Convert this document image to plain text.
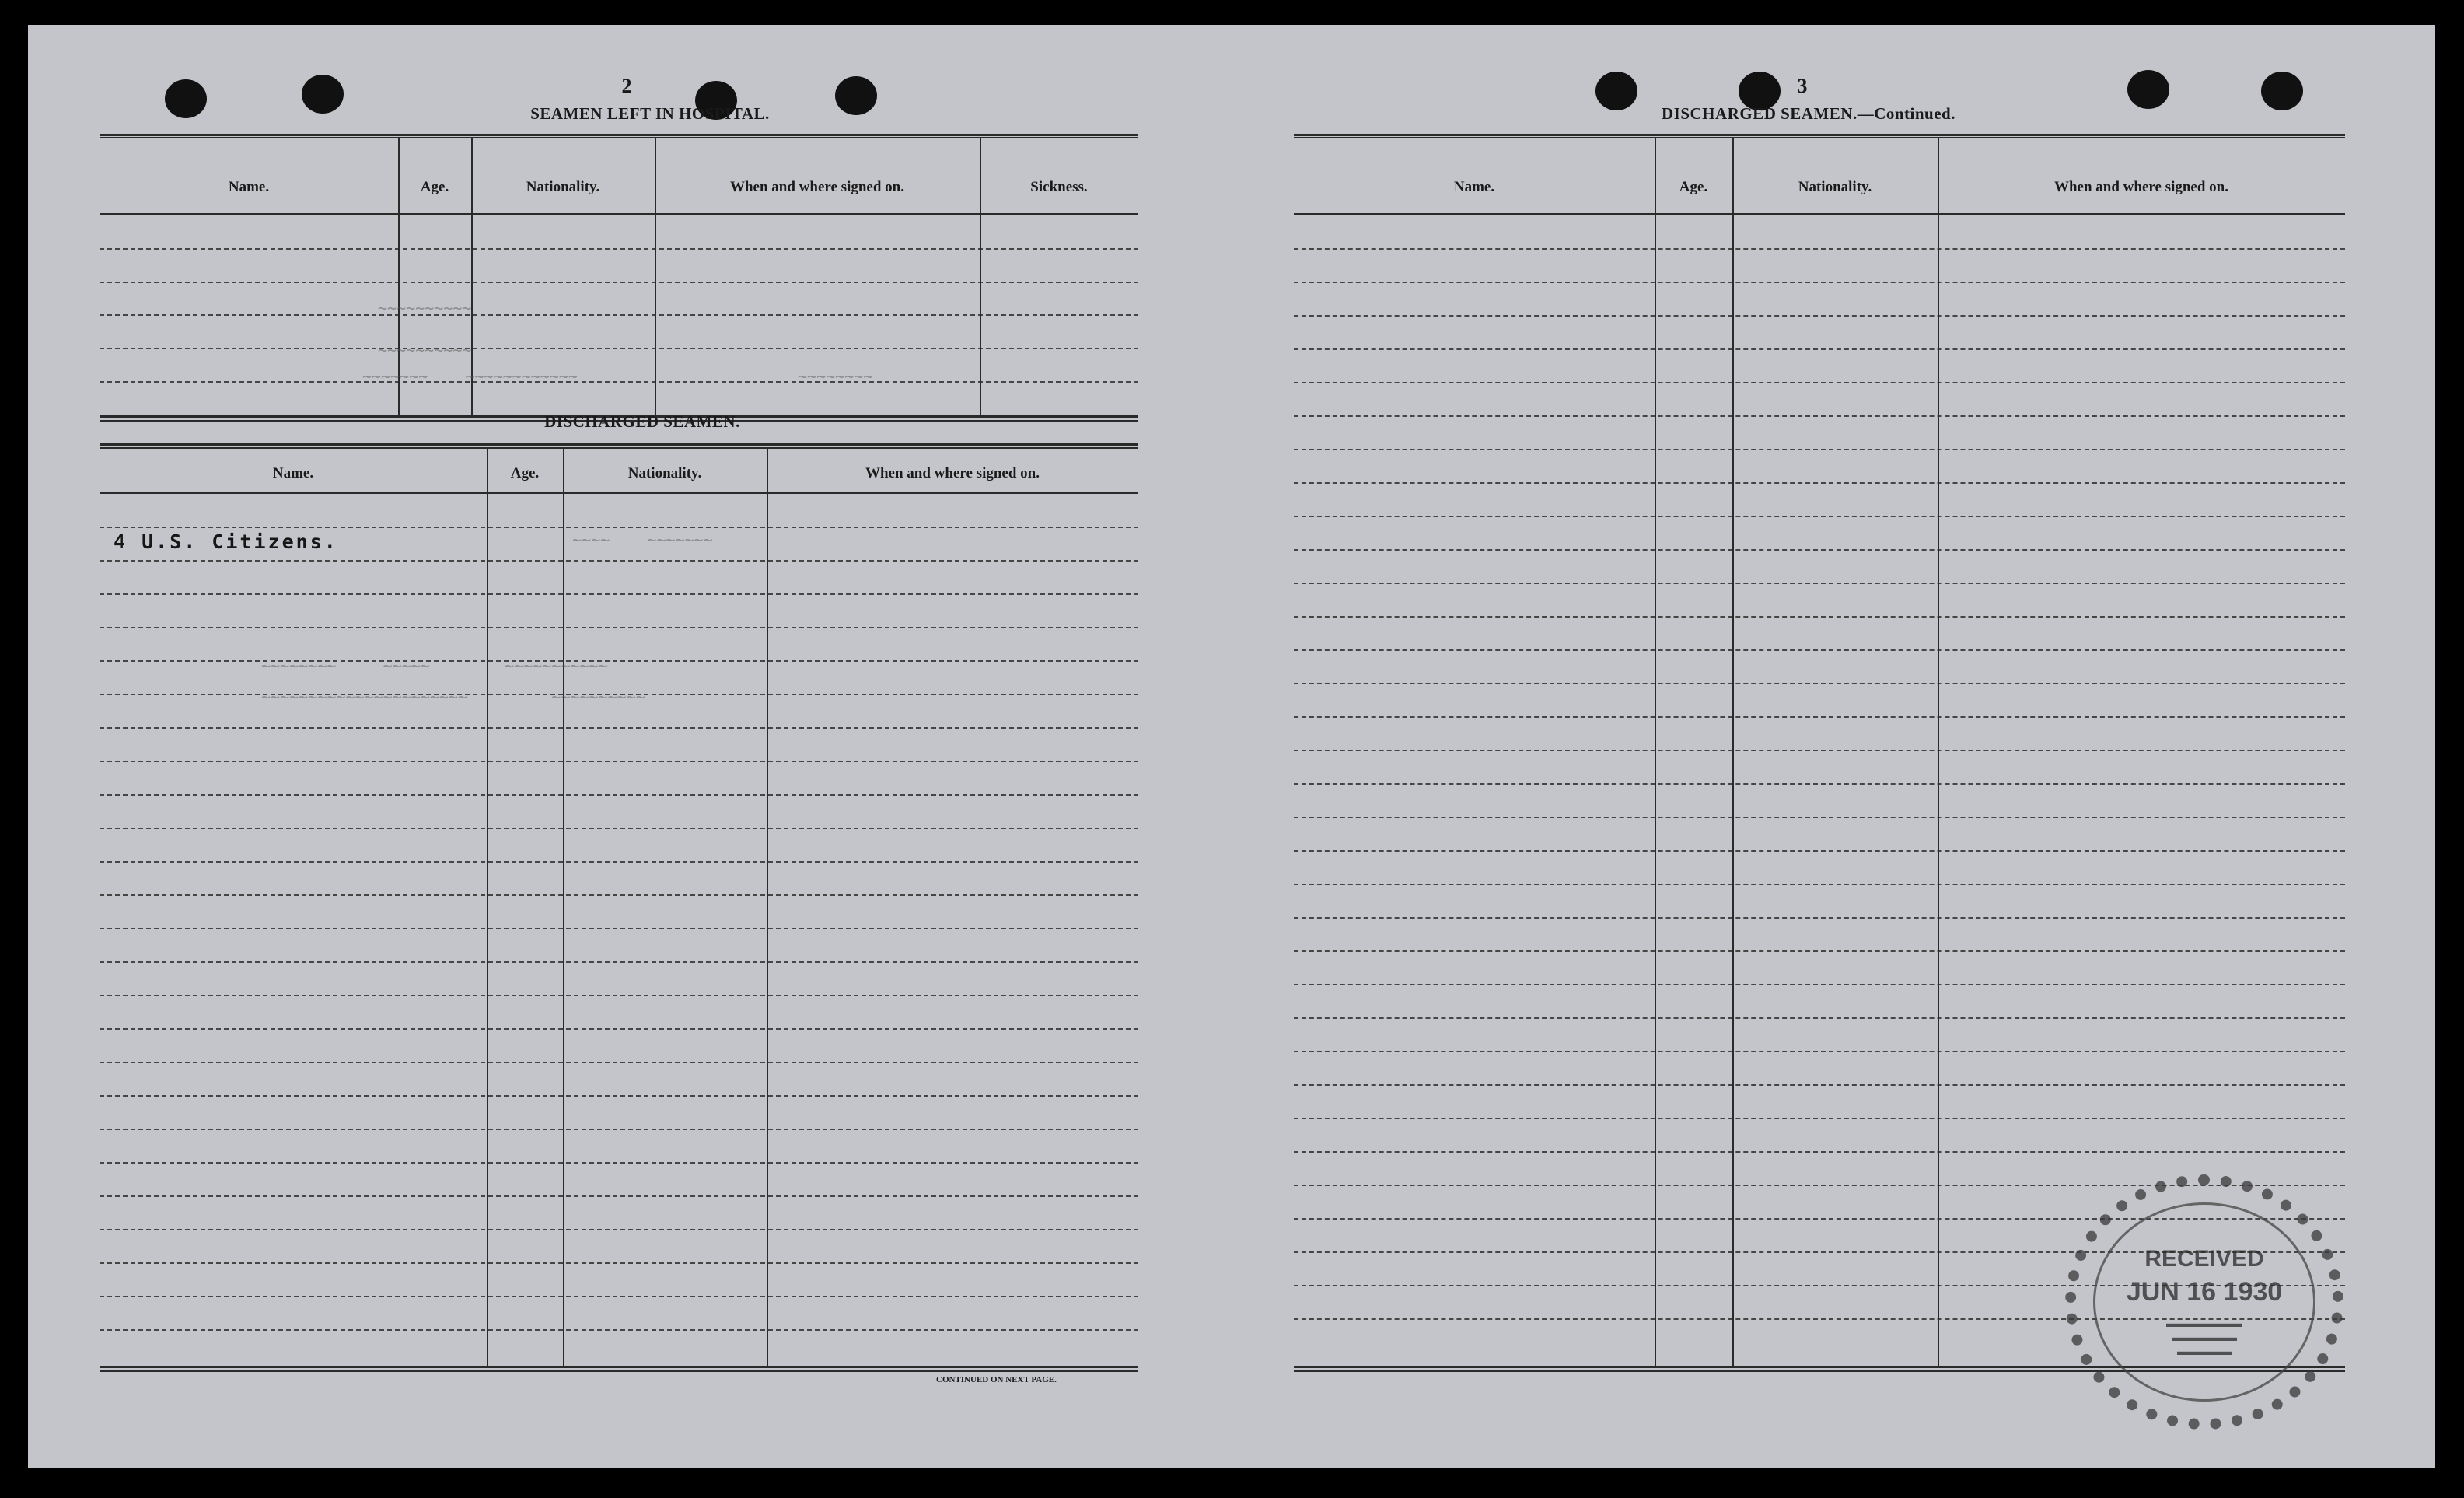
2
SEAMEN LEFT IN HOSPITAL.
Name.	Age.	Nationality.	When and where signed on.	Sickness.
~~~~~~~~~~
~~~~~~~~~~
~~~~~~~    ~~~~~~~~~~~~	~~~~~~~~
DISCHARGED SEAMEN.
Name.	Age.	Nationality.	When and where signed on.
4 U.S. Citizens.	~~~~    ~~~~~~~
~~~~~~~~     ~~~~~        ~~~~~~~~~~~
~~~~~~~~~~~~~~~~~~~~~~         ~~~~~~~~~~
CONTINUED ON NEXT PAGE.
3
DISCHARGED SEAMEN.—Continued.
Name.	Age.	Nationality.	When and where signed on.
RECEIVED
JUN 16 1930
▬▬▬▬▬▬▬
▬▬▬▬▬▬
▬▬▬▬▬
